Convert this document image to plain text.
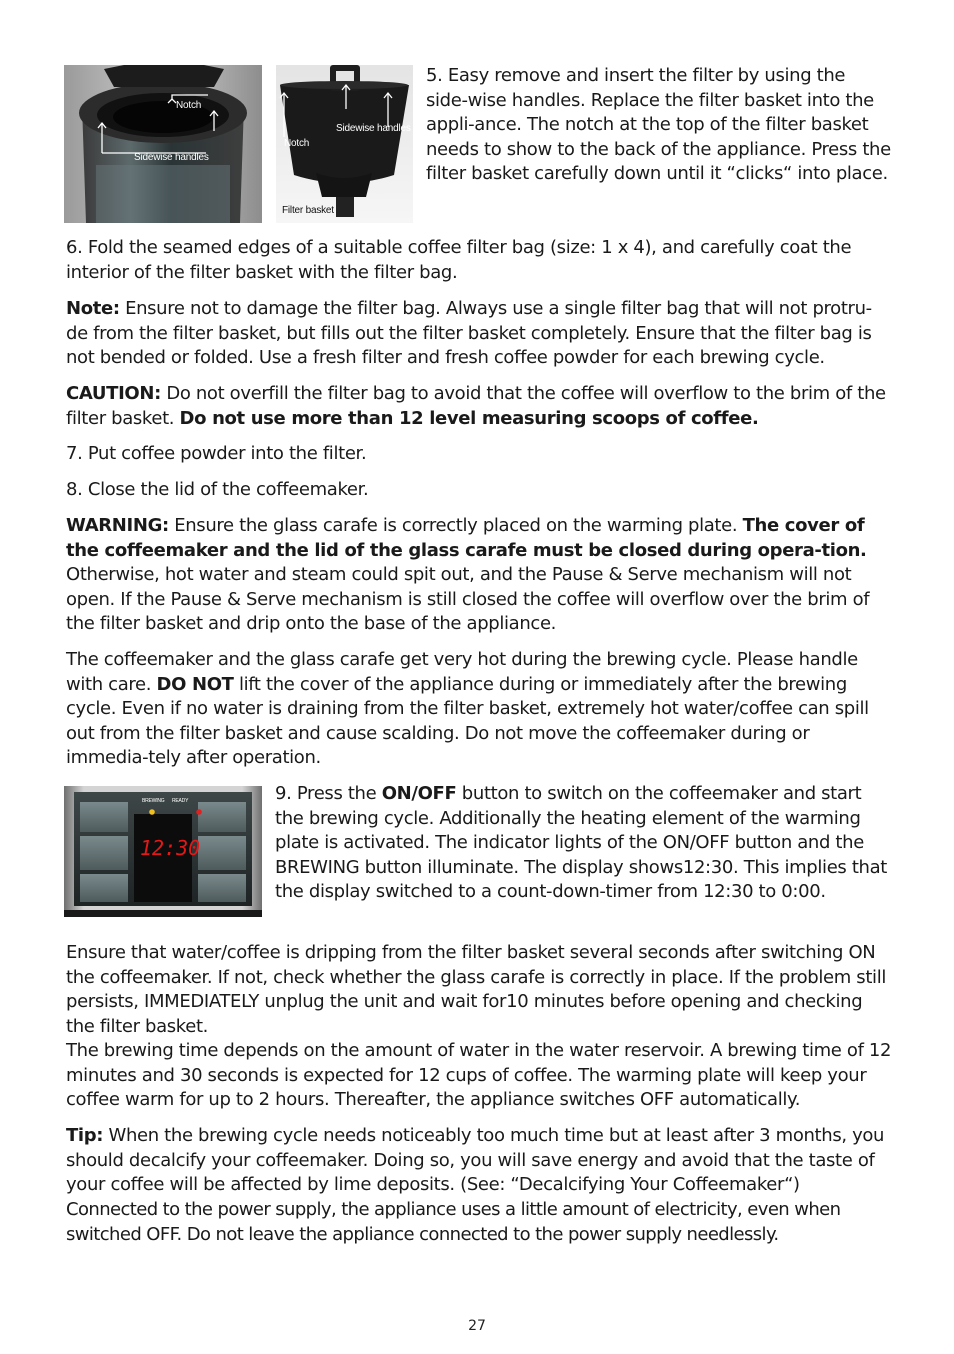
Notch
Sidewise handles
Sidewise handles
Notch
Filter basket

5. Easy remove and insert the filter by using the side-wise handles. Replace the filter basket into the appli-ance. The notch at the top of the filter basket needs to show to the back of the appliance. Press the filter basket carefully down until it “clicks“ into place.

6. Fold the seamed edges of a suitable coffee filter bag (size: 1 x 4), and carefully coat the interior of the filter basket with the filter bag.

Note: Ensure not to damage the filter bag. Always use a single filter bag that will not protru-de from the filter basket, but fills out the filter basket completely. Ensure that the filter bag is not bended or folded. Use a fresh filter and fresh coffee powder for each brewing cycle.

CAUTION: Do not overfill the filter bag to avoid that the coffee will overflow to the brim of the filter basket. Do not use more than 12 level measuring scoops of coffee.

7. Put coffee powder into the filter.

8. Close the lid of the coffeemaker.

WARNING: Ensure the glass carafe is correctly placed on the warming plate. The cover of the coffeemaker and the lid of the glass carafe must be closed during opera-tion. Otherwise, hot water and steam could spit out, and the Pause & Serve mechanism will not open. If the Pause & Serve mechanism is still closed the coffee will overflow over the brim of the filter basket and drip onto the base of the appliance.

The coffeemaker and the glass carafe get very hot during the brewing cycle. Please handle with care. DO NOT lift the cover of the appliance during or immediately after the brewing cycle. Even if no water is draining from the filter basket, extremely hot water/coffee can spill out from the filter basket and cause scalding. Do not move the coffeemaker during or immedia-tely after operation.

BREWING READY
12:30

9. Press the ON/OFF button to switch on the coffeemaker and start the brewing cycle. Additionally the heating element of the warming plate is activated. The indicator lights of the ON/OFF button and the BREWING button illuminate. The display shows12:30. This implies that the display switched to a count-down-timer from 12:30 to 0:00.

Ensure that water/coffee is dripping from the filter basket several seconds after switching ON the coffeemaker. If not, check whether the glass carafe is correctly in place. If the problem still persists, IMMEDIATELY unplug the unit and wait for10 minutes before opening and checking the filter basket.

The brewing time depends on the amount of water in the water reservoir. A brewing time of 12 minutes and 30 seconds is expected for 12 cups of coffee. The warming plate will keep your coffee warm for up to 2 hours. Thereafter, the appliance switches OFF automatically.

Tip: When the brewing cycle needs noticeably too much time but at least after 3 months, you should decalcify your coffeemaker. Doing so, you will save energy and avoid that the taste of your coffee will be affected by lime deposits. (See: “Decalcifying Your Coffeemaker“)

Connected to the power supply, the appliance uses a little amount of electricity, even when switched OFF. Do not leave the appliance connected to the power supply needlessly.

27
